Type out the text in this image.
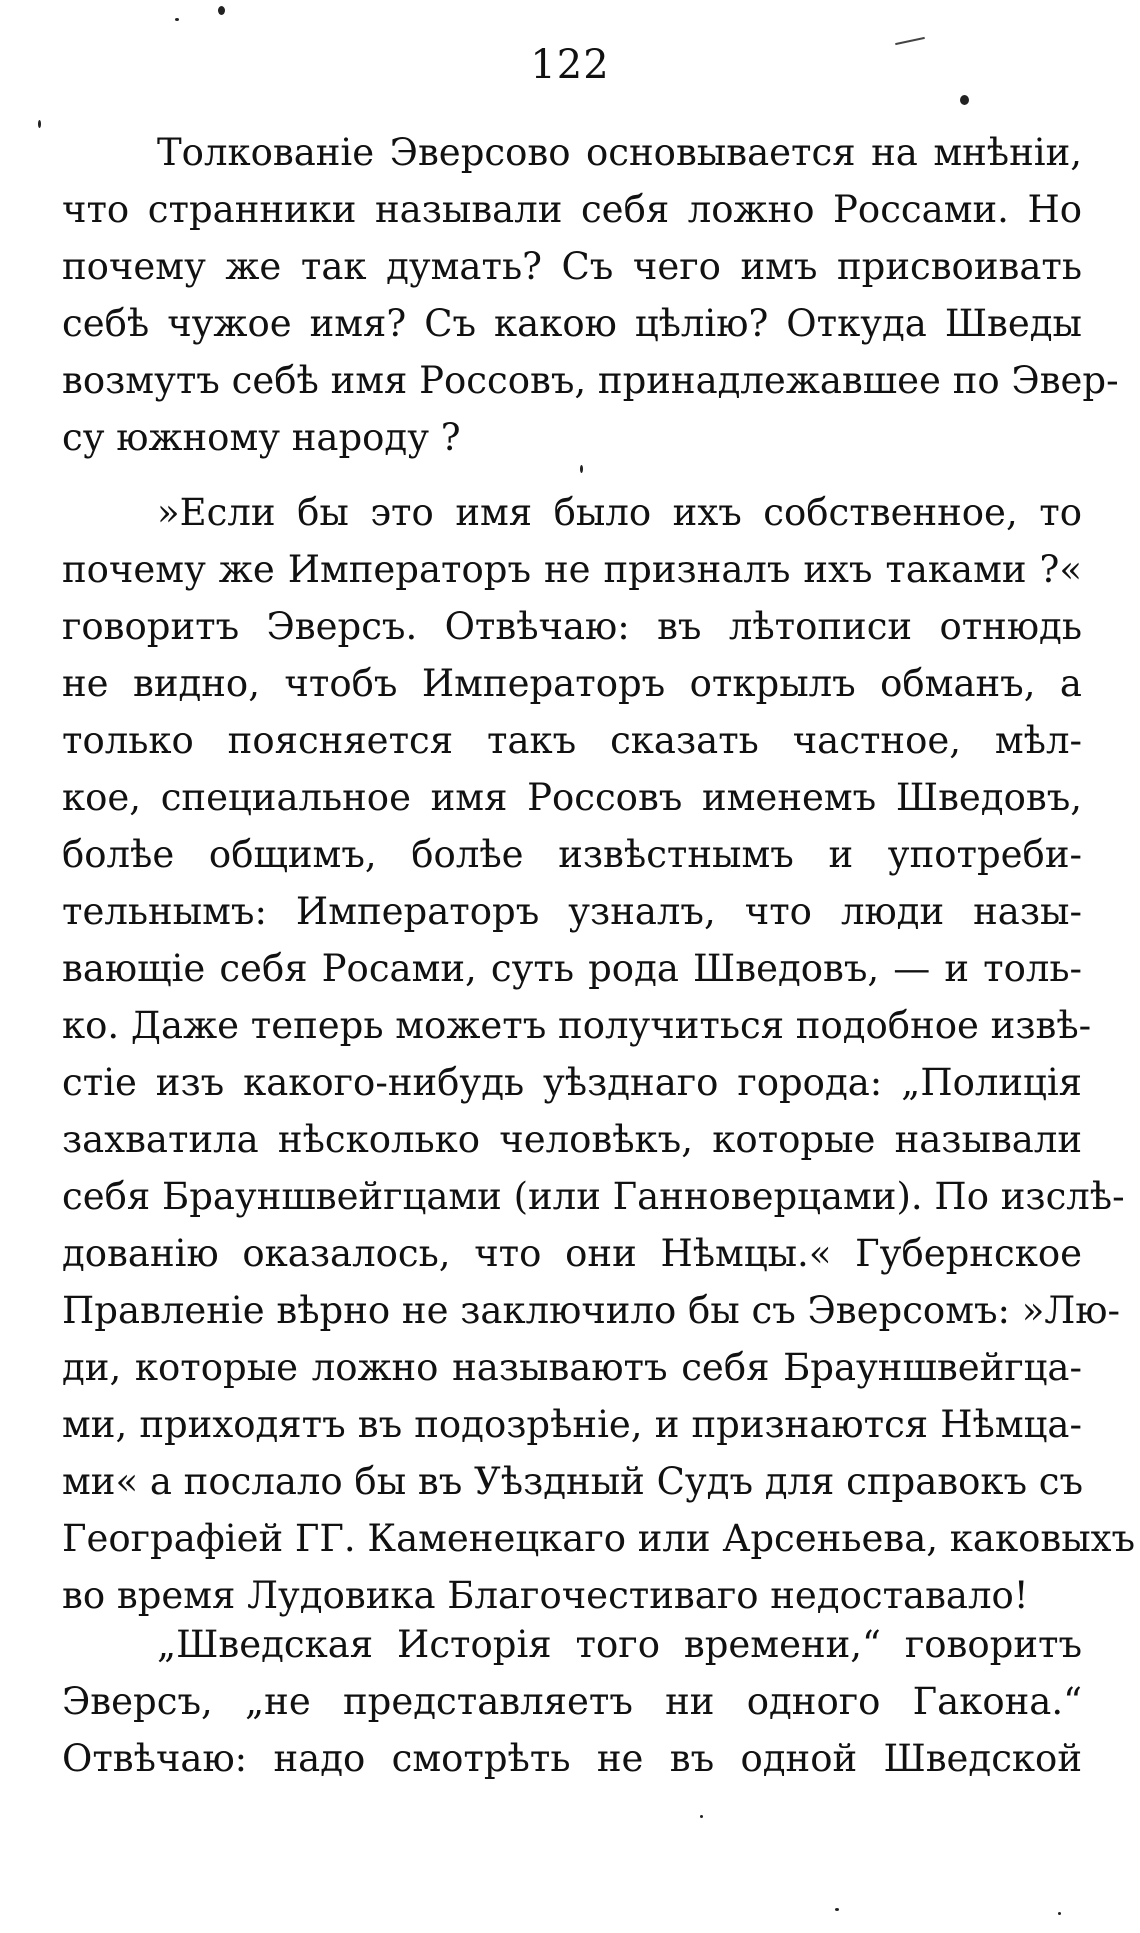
122
Толкованіе Эверсово основывается на мнѣніи,
что странники называли себя ложно Россами. Но
почему же так думать? Съ чего имъ присвоивать
себѣ чужое имя? Съ какою цѣлію? Откуда Шведы
возмутъ себѣ имя Россовъ, принадлежавшее по Эвер-
су южному народу ?
»Если бы это имя было ихъ собственное, то
почему же Императоръ не призналъ ихъ таками ?«
говоритъ Эверсъ. Отвѣчаю: въ лѣтописи отнюдь
не видно, чтобъ Императоръ открылъ обманъ, а
только поясняется такъ сказать частное, мѣл-
кое, специальное имя Россовъ именемъ Шведовъ,
болѣе общимъ, болѣе извѣстнымъ и употреби-
тельнымъ: Императоръ узналъ, что люди назы-
вающіе себя Росами, суть рода Шведовъ, — и толь-
ко. Даже теперь можетъ получиться подобное извѣ-
стіе изъ какого-нибудь уѣзднаго города: „Полиція
захватила нѣсколько человѣкъ, которые называли
себя Брауншвейгцами (или Ганноверцами). По изслѣ-
дованію оказалось, что они Нѣмцы.« Губернское
Правленіе вѣрно не заключило бы съ Эверсомъ: »Лю-
ди, которые ложно называютъ себя Брауншвейгца-
ми, приходятъ въ подозрѣніе, и признаются Нѣмца-
ми« а послало бы въ Уѣздный Судъ для справокъ съ
Географіей ГГ. Каменецкаго или Арсеньева, каковыхъ
во время Лудовика Благочестиваго недоставало!
„Шведская Исторія того времени,“ говоритъ
Эверсъ, „не представляетъ ни одного Гакона.“
Отвѣчаю: надо смотрѣть не въ одной Шведской
